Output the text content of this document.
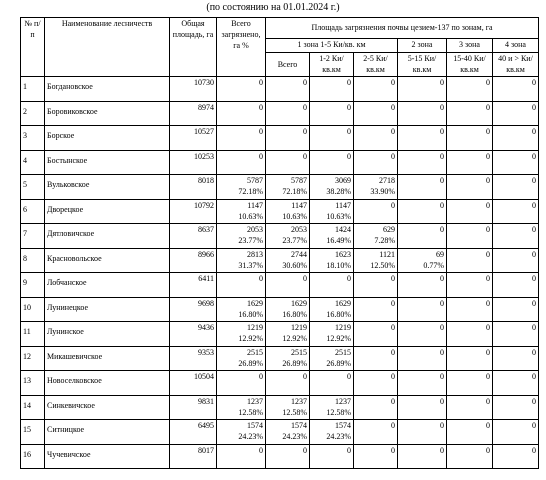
(по состоянию на 01.01.2024 г.)
№ п/п	Наименование лесничеств	Общая площадь, га	Всего загрязнено, га %	Площадь загрязнения почвы цезием-137 по зонам, га					
				1 зона 1-5 Ки/кв. км			2 зона	3 зона	4 зона
				Всего	1-2 Ки/кв.км	2-5 Ки/кв.км	5-15 Ки/кв.км	15-40 Ки/кв.км	40 и > Ки/кв.км

1	Богдановское	10730	0	0	0	0	0	0	0

2	Боровиковское	8974	0	0	0	0	0	0	0

3	Борское	10527	0	0	0	0	0	0	0

4	Бостынское	10253	0	0	0	0	0	0	0

5	Вульковское	8018	5787
72.18%	5787
72.18%	3069
38.28%	2718
33.90%	0	0	0

6	Дворецкое	10792	1147
10.63%	1147
10.63%	1147
10.63%	0	0	0	0

7	Дятловичское	8637	2053
23.77%	2053
23.77%	1424
16.49%	629
7.28%	0	0	0

8	Красновольское	8966	2813
31.37%	2744
30.60%	1623
18.10%	1121
12.50%	69
0.77%	0	0

9	Лобчанское	6411	0	0	0	0	0	0	0

10	Лунинецкое	9698	1629
16.80%	1629
16.80%	1629
16.80%	0	0	0	0

11	Лунинское	9436	1219
12.92%	1219
12.92%	1219
12.92%	0	0	0	0

12	Микашевичское	9353	2515
26.89%	2515
26.89%	2515
26.89%	0	0	0	0

13	Новоселковское	10504	0	0	0	0	0	0	0

14	Синкевичское	9831	1237
12.58%	1237
12.58%	1237
12.58%	0	0	0	0

15	Ситницкое	6495	1574
24.23%	1574
24.23%	1574
24.23%	0	0	0	0

16	Чучевичское	8017	0	0	0	0	0	0	0
